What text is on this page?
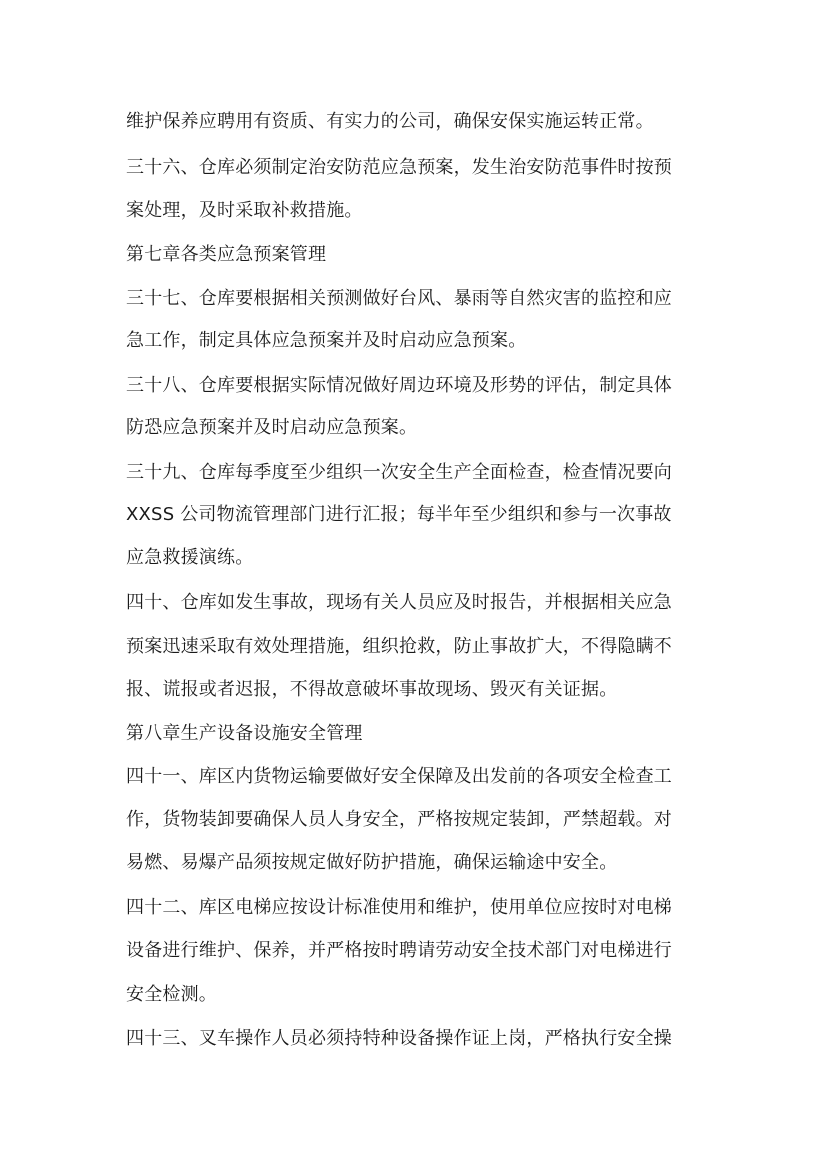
维护保养应聘用有资质、有实力的公司，确保安保实施运转正常。
三十六、仓库必须制定治安防范应急预案，发生治安防范事件时按预
案处理，及时采取补救措施。
第七章各类应急预案管理
三十七、仓库要根据相关预测做好台风、暴雨等自然灾害的监控和应
急工作，制定具体应急预案并及时启动应急预案。
三十八、仓库要根据实际情况做好周边环境及形势的评估，制定具体
防恐应急预案并及时启动应急预案。
三十九、仓库每季度至少组织一次安全生产全面检查，检查情况要向
XXSS 公司物流管理部门进行汇报；每半年至少组织和参与一次事故
应急救援演练。
四十、仓库如发生事故，现场有关人员应及时报告，并根据相关应急
预案迅速采取有效处理措施，组织抢救，防止事故扩大，不得隐瞒不
报、谎报或者迟报，不得故意破坏事故现场、毁灭有关证据。
第八章生产设备设施安全管理
四十一、库区内货物运输要做好安全保障及出发前的各项安全检查工
作，货物装卸要确保人员人身安全，严格按规定装卸，严禁超载。对
易燃、易爆产品须按规定做好防护措施，确保运输途中安全。
四十二、库区电梯应按设计标准使用和维护，使用单位应按时对电梯
设备进行维护、保养，并严格按时聘请劳动安全技术部门对电梯进行
安全检测。
四十三、叉车操作人员必须持特种设备操作证上岗，严格执行安全操
